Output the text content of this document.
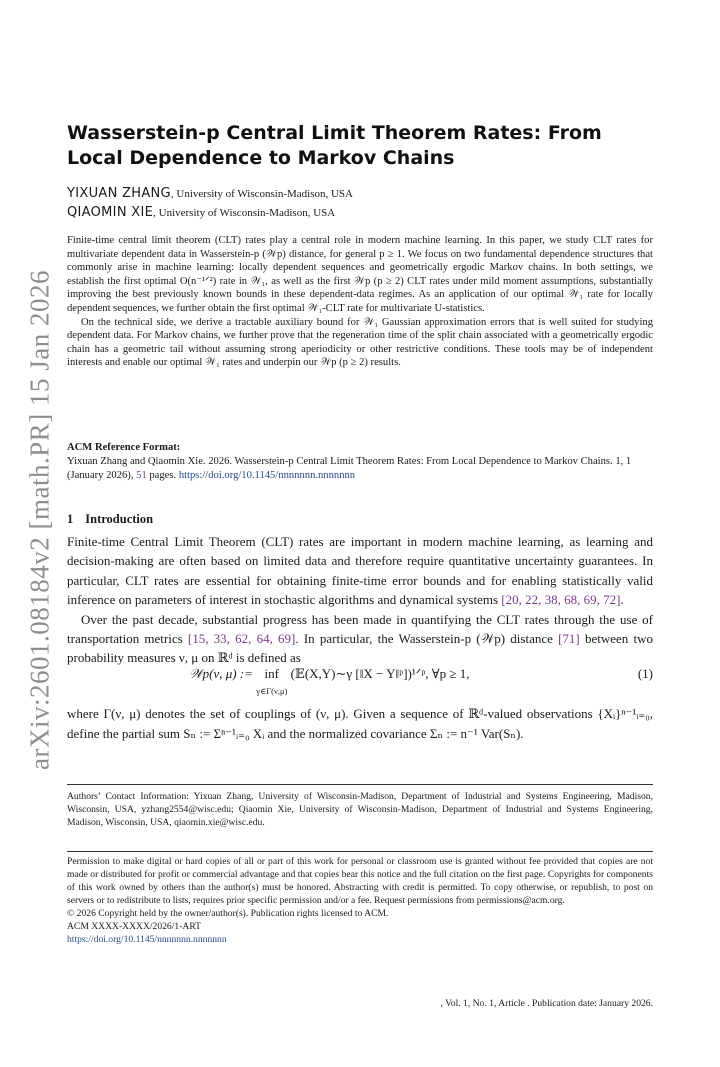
arXiv:2601.08184v2 [math.PR] 15 Jan 2026
Wasserstein-p Central Limit Theorem Rates: From Local Dependence to Markov Chains
YIXUAN ZHANG, University of Wisconsin-Madison, USA
QIAOMIN XIE, University of Wisconsin-Madison, USA

Finite-time central limit theorem (CLT) rates play a central role in modern machine learning. In this paper, we study CLT rates for multivariate dependent data in Wasserstein-p (𝒲p) distance, for general p ≥ 1. We focus on two fundamental dependence structures that commonly arise in machine learning: locally dependent sequences and geometrically ergodic Markov chains. In both settings, we establish the first optimal O(n⁻¹ᐟ²) rate in 𝒲₁, as well as the first 𝒲p (p ≥ 2) CLT rates under mild moment assumptions, substantially improving the best previously known bounds in these dependent-data regimes. As an application of our optimal 𝒲₁ rate for locally dependent sequences, we further obtain the first optimal 𝒲₁-CLT rate for multivariate U-statistics.

On the technical side, we derive a tractable auxiliary bound for 𝒲₁ Gaussian approximation errors that is well suited for studying dependent data. For Markov chains, we further prove that the regeneration time of the split chain associated with a geometrically ergodic chain has a geometric tail without assuming strong aperiodicity or other restrictive conditions. These tools may be of independent interests and enable our optimal 𝒲₁ rates and underpin our 𝒲p (p ≥ 2) results.

ACM Reference Format:
Yixuan Zhang and Qiaomin Xie. 2026. Wasserstein-p Central Limit Theorem Rates: From Local Dependence to Markov Chains. 1, 1 (January 2026), 51 pages. https://doi.org/10.1145/nnnnnnn.nnnnnnn
1 Introduction

Finite-time Central Limit Theorem (CLT) rates are important in modern machine learning, as learning and decision-making are often based on limited data and therefore require quantitative uncertainty guarantees. In particular, CLT rates are essential for obtaining finite-time error bounds and for enabling statistically valid inference on parameters of interest in stochastic algorithms and dynamical systems [20, 22, 38, 68, 69, 72].

Over the past decade, substantial progress has been made in quantifying the CLT rates through the use of transportation metrics [15, 33, 62, 64, 69]. In particular, the Wasserstein-p (𝒲p) distance [71] between two probability measures ν, μ on ℝᵈ is defined as

𝒲p(ν, μ) := inf
γ∈Γ(ν,μ) (𝔼(X,Y)∼γ [‖X − Y‖ᵖ])¹ᐟᵖ, ∀p ≥ 1,	(1)
where Γ(ν, μ) denotes the set of couplings of (ν, μ). Given a sequence of ℝᵈ-valued observations {Xᵢ}ⁿ⁻¹ᵢ₌₀, define the partial sum Sₙ := Σⁿ⁻¹ᵢ₌₀ Xᵢ and the normalized covariance Σₙ := n⁻¹ Var(Sₙ).
Authors’ Contact Information: Yixuan Zhang, University of Wisconsin-Madison, Department of Industrial and Systems Engineering, Madison, Wisconsin, USA, yzhang2554@wisc.edu; Qiaomin Xie, University of Wisconsin-Madison, Department of Industrial and Systems Engineering, Madison, Wisconsin, USA, qiaomin.xie@wisc.edu.

Permission to make digital or hard copies of all or part of this work for personal or classroom use is granted without fee provided that copies are not made or distributed for profit or commercial advantage and that copies bear this notice and the full citation on the first page. Copyrights for components of this work owned by others than the author(s) must be honored. Abstracting with credit is permitted. To copy otherwise, or republish, to post on servers or to redistribute to lists, requires prior specific permission and/or a fee. Request permissions from permissions@acm.org.

© 2026 Copyright held by the owner/author(s). Publication rights licensed to ACM.

ACM XXXX-XXXX/2026/1-ART

https://doi.org/10.1145/nnnnnnn.nnnnnnn

, Vol. 1, No. 1, Article . Publication date: January 2026.
